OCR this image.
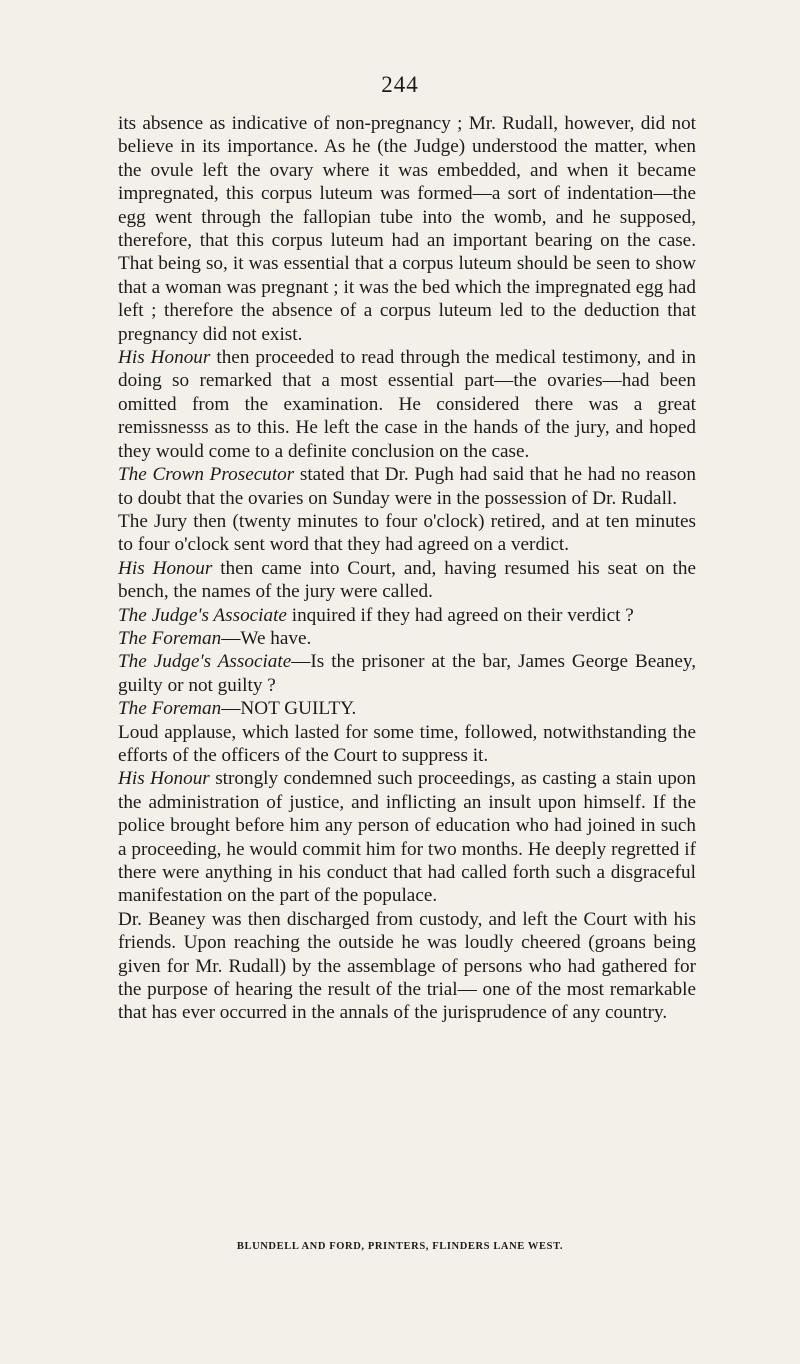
244

its absence as indicative of non-pregnancy ; Mr. Rudall, however, did not believe in its importance. As he (the Judge) understood the matter, when the ovule left the ovary where it was embedded, and when it became impregnated, this corpus luteum was formed—a sort of indentation—the egg went through the fallopian tube into the womb, and he supposed, therefore, that this corpus luteum had an important bearing on the case. That being so, it was essential that a corpus luteum should be seen to show that a woman was pregnant ; it was the bed which the impregnated egg had left ; therefore the absence of a corpus luteum led to the deduction that pregnancy did not exist.

His Honour then proceeded to read through the medical testimony, and in doing so remarked that a most essential part—the ovaries—had been omitted from the examination. He considered there was a great remissnesss as to this. He left the case in the hands of the jury, and hoped they would come to a definite conclusion on the case.

The Crown Prosecutor stated that Dr. Pugh had said that he had no reason to doubt that the ovaries on Sunday were in the possession of Dr. Rudall.

The Jury then (twenty minutes to four o'clock) retired, and at ten minutes to four o'clock sent word that they had agreed on a verdict.

His Honour then came into Court, and, having resumed his seat on the bench, the names of the jury were called.

The Judge's Associate inquired if they had agreed on their verdict ?

The Foreman—We have.

The Judge's Associate—Is the prisoner at the bar, James George Beaney, guilty or not guilty ?

The Foreman—NOT GUILTY.

Loud applause, which lasted for some time, followed, notwithstanding the efforts of the officers of the Court to suppress it.

His Honour strongly condemned such proceedings, as casting a stain upon the administration of justice, and inflicting an insult upon himself. If the police brought before him any person of education who had joined in such a proceeding, he would commit him for two months. He deeply regretted if there were anything in his conduct that had called forth such a disgraceful manifestation on the part of the populace.

Dr. Beaney was then discharged from custody, and left the Court with his friends. Upon reaching the outside he was loudly cheered (groans being given for Mr. Rudall) by the assemblage of persons who had gathered for the purpose of hearing the result of the trial— one of the most remarkable that has ever occurred in the annals of the jurisprudence of any country.

BLUNDELL AND FORD, PRINTERS, FLINDERS LANE WEST.
